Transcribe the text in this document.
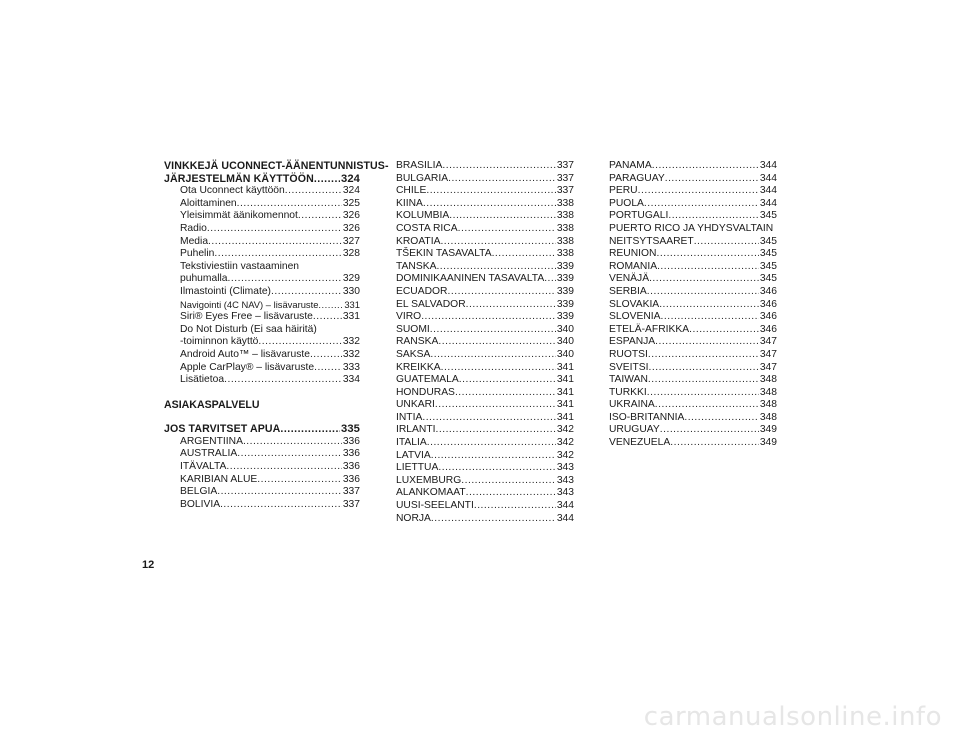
VINKKEJÄ UCONNECT-ÄÄNENTUNNISTUS-
JÄRJESTELMÄN KÄYTTÖÖN ..... 324
Ota Uconnect käyttöön .....	324
Aloittaminen .....	325
Yleisimmät äänikomennot .....	326
Radio .....	326
Media .....	327
Puhelin .....	328
Tekstiviestiin vastaaminen
puhumalla .....	329
Ilmastointi (Climate) .....	330
Navigointi (4C NAV) – lisävaruste .....	331
Siri® Eyes Free – lisävaruste .....	331
Do Not Disturb (Ei saa häiritä)
-toiminnon käyttö .....	332
Android Auto™ – lisävaruste .....	332
Apple CarPlay® – lisävaruste .....	333
Lisätietoa .....	334
ASIAKASPALVELU
JOS TARVITSET APUA .....	335
ARGENTIINA .....	336
AUSTRALIA .....	336
ITÄVALTA .....	336
KARIBIAN ALUE .....	336
BELGIA .....	337
BOLIVIA .....	337
BRASILIA .....	337
BULGARIA .....	337
CHILE .....	337
KIINA .....	338
KOLUMBIA .....	338
COSTA RICA .....	338
KROATIA .....	338
TŠEKIN TASAVALTA .....	338
TANSKA .....	339
DOMINIKAANINEN TASAVALTA ..... 339
ECUADOR .....	339
EL SALVADOR .....	339
VIRO .....	339
SUOMI .....	340
RANSKA .....	340
SAKSA .....	340
KREIKKA .....	341
GUATEMALA .....	341
HONDURAS .....	341
UNKARI .....	341
INTIA .....	341
IRLANTI .....	342
ITALIA .....	342
LATVIA .....	342
LIETTUA .....	343
LUXEMBURG .....	343
ALANKOMAAT .....	343
UUSI-SEELANTI .....	344
NORJA .....	344
PANAMA .....	344
PARAGUAY .....	344
PERU .....	344
PUOLA .....	344
PORTUGALI .....	345
PUERTO RICO JA YHDYSVALTAIN
NEITSYTSAARET .....	345
REUNION .....	345
ROMANIA .....	345
VENÄJÄ .....	345
SERBIA .....	346
SLOVAKIA .....	346
SLOVENIA .....	346
ETELÄ-AFRIKKA .....	346
ESPANJA .....	347
RUOTSI .....	347
SVEITSI .....	347
TAIWAN .....	348
TURKKI .....	348
UKRAINA .....	348
ISO-BRITANNIA .....	348
URUGUAY .....	349
VENEZUELA .....	349
12
carmanualsonline.info
